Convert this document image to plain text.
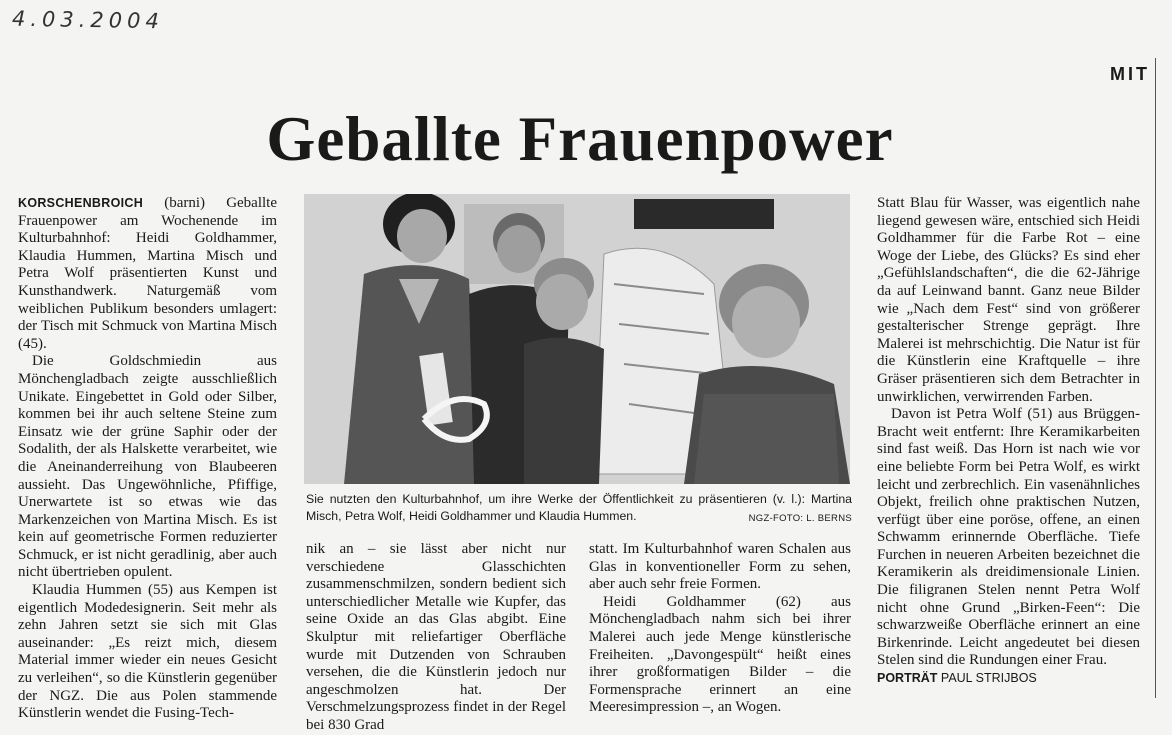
4.03.2004
MIT
Geballte Frauenpower

KORSCHENBROICH (barni) Geballte Frauenpower am Wochenende im Kulturbahnhof: Heidi Goldhammer, Klaudia Hummen, Martina Misch und Petra Wolf präsentierten Kunst und Kunsthandwerk. Naturgemäß vom weiblichen Publikum besonders umlagert: der Tisch mit Schmuck von Martina Misch (45).

Die Goldschmiedin aus Mönchengladbach zeigte ausschließlich Unikate. Eingebettet in Gold oder Silber, kommen bei ihr auch seltene Steine zum Einsatz wie der grüne Saphir oder der Sodalith, der als Halskette verarbeitet, wie die Aneinanderreihung von Blaubeeren aussieht. Das Ungewöhnliche, Pfiffige, Unerwartete ist so etwas wie das Markenzeichen von Martina Misch. Es ist kein auf geometrische Formen reduzierter Schmuck, er ist nicht geradlinig, aber auch nicht übertrieben opulent.

Klaudia Hummen (55) aus Kempen ist eigentlich Modedesignerin. Seit mehr als zehn Jahren setzt sie sich mit Glas auseinander: „Es reizt mich, diesem Material immer wieder ein neues Gesicht zu verleihen“, so die Künstlerin gegenüber der NGZ. Die aus Polen stammende Künstlerin wendet die Fusing-Tech-

Sie nutzten den Kulturbahnhof, um ihre Werke der Öffentlichkeit zu präsentieren (v. l.): Martina Misch, Petra Wolf, Heidi Goldhammer und Klaudia Hummen.	NGZ-FOTO: L. BERNS

nik an – sie lässt aber nicht nur verschiedene Glasschichten zusammenschmilzen, sondern bedient sich unterschiedlicher Metalle wie Kupfer, das seine Oxide an das Glas abgibt. Eine Skulptur mit reliefartiger Oberfläche wurde mit Dutzenden von Schrauben versehen, die die Künstlerin jedoch nur angeschmolzen hat. Der Verschmelzungsprozess findet in der Regel bei 830 Grad

statt. Im Kulturbahnhof waren Schalen aus Glas in konventioneller Form zu sehen, aber auch sehr freie Formen.

Heidi Goldhammer (62) aus Mönchengladbach nahm sich bei ihrer Malerei auch jede Menge künstlerische Freiheiten. „Davongespült“ heißt eines ihrer großformatigen Bilder – die Formensprache erinnert an eine Meeresimpression –, an Wogen.

Statt Blau für Wasser, was eigentlich nahe liegend gewesen wäre, entschied sich Heidi Goldhammer für die Farbe Rot – eine Woge der Liebe, des Glücks? Es sind eher „Gefühlslandschaften“, die die 62-Jährige da auf Leinwand bannt. Ganz neue Bilder wie „Nach dem Fest“ sind von größerer gestalterischer Strenge geprägt. Ihre Malerei ist mehrschichtig. Die Natur ist für die Künstlerin eine Kraftquelle – ihre Gräser präsentieren sich dem Betrachter in unwirklichen, verwirrenden Farben.

Davon ist Petra Wolf (51) aus Brüggen-Bracht weit entfernt: Ihre Keramikarbeiten sind fast weiß. Das Horn ist nach wie vor eine beliebte Form bei Petra Wolf, es wirkt leicht und zerbrechlich. Ein vasenähnliches Objekt, freilich ohne praktischen Nutzen, verfügt über eine poröse, offene, an einen Schwamm erinnernde Oberfläche. Tiefe Furchen in neueren Arbeiten bezeichnet die Keramikerin als dreidimensionale Linien. Die filigranen Stelen nennt Petra Wolf nicht ohne Grund „Birken-Feen“: Die schwarzweiße Oberfläche erinnert an eine Birkenrinde. Leicht angedeutet bei diesen Stelen sind die Rundungen einer Frau.

PORTRÄT PAUL STRIJBOS
